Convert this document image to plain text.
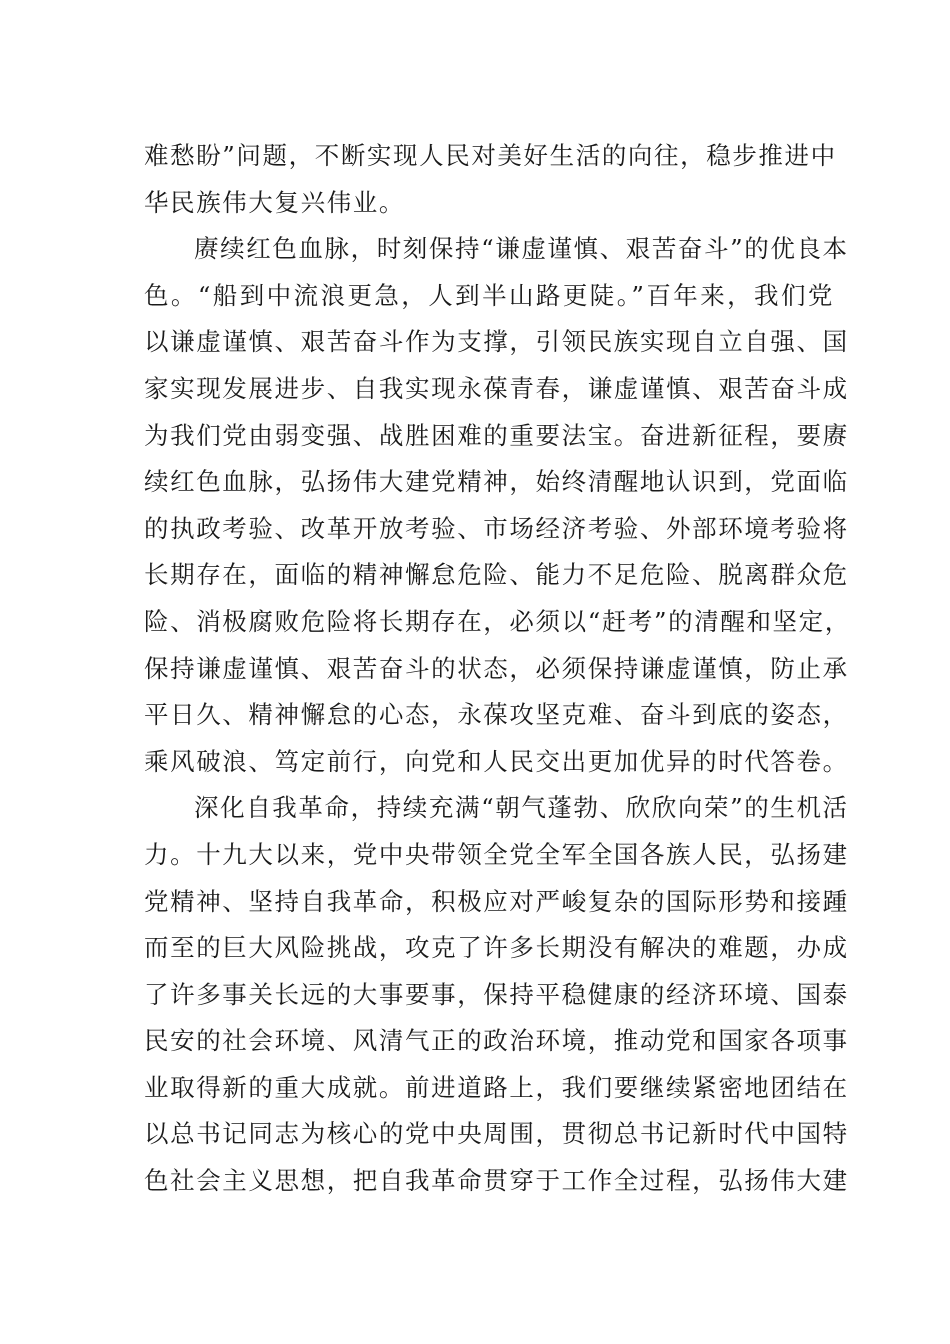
难愁盼”问题，不断实现人民对美好生活的向往，稳步推进中
华民族伟大复兴伟业。
赓续红色血脉，时刻保持“谦虚谨慎、艰苦奋斗”的优良本
色。“船到中流浪更急，人到半山路更陡。”百年来，我们党
以谦虚谨慎、艰苦奋斗作为支撑，引领民族实现自立自强、国
家实现发展进步、自我实现永葆青春，谦虚谨慎、艰苦奋斗成
为我们党由弱变强、战胜困难的重要法宝。奋进新征程，要赓
续红色血脉，弘扬伟大建党精神，始终清醒地认识到，党面临
的执政考验、改革开放考验、市场经济考验、外部环境考验将
长期存在，面临的精神懈怠危险、能力不足危险、脱离群众危
险、消极腐败危险将长期存在，必须以“赶考”的清醒和坚定，
保持谦虚谨慎、艰苦奋斗的状态，必须保持谦虚谨慎，防止承
平日久、精神懈怠的心态，永葆攻坚克难、奋斗到底的姿态，
乘风破浪、笃定前行，向党和人民交出更加优异的时代答卷。
深化自我革命，持续充满“朝气蓬勃、欣欣向荣”的生机活
力。十九大以来，党中央带领全党全军全国各族人民，弘扬建
党精神、坚持自我革命，积极应对严峻复杂的国际形势和接踵
而至的巨大风险挑战，攻克了许多长期没有解决的难题，办成
了许多事关长远的大事要事，保持平稳健康的经济环境、国泰
民安的社会环境、风清气正的政治环境，推动党和国家各项事
业取得新的重大成就。前进道路上，我们要继续紧密地团结在
以总书记同志为核心的党中央周围，贯彻总书记新时代中国特
色社会主义思想，把自我革命贯穿于工作全过程，弘扬伟大建
